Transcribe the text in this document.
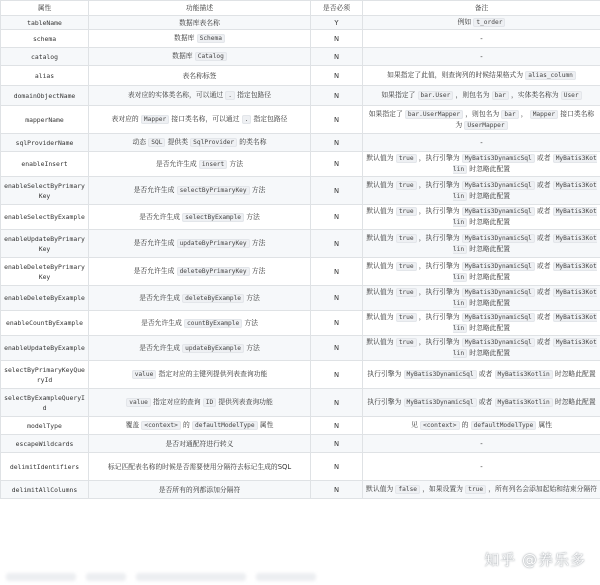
属性	功能描述	是否必须	备注
tableName	数据库表名称	Y	例如 t_order
schema	数据库 Schema	N	-
catalog	数据库 Catalog	N	-
alias	表名称标签	N	如果指定了此值，则查询列的时候结果格式为 alias_column
domainObjectName	表对应的实体类名称，可以通过 . 指定包路径	N	如果指定了 bar.User ，则包名为 bar ，实体类名称为 User
mapperName	表对应的 Mapper 接口类名称，可以通过 . 指定包路径	N	如果指定了 bar.UserMapper ，则包名为 bar ， Mapper 接口类名称为 UserMapper
sqlProviderName	动态 SQL 提供类 SqlProvider 的类名称	N	-
enableInsert	是否允许生成 insert 方法	N	默认值为 true ，执行引擎为 MyBatis3DynamicSql 或者 MyBatis3Kotlin 时忽略此配置
enableSelectByPrimaryKey	是否允许生成 selectByPrimaryKey 方法	N	默认值为 true ，执行引擎为 MyBatis3DynamicSql 或者 MyBatis3Kotlin 时忽略此配置
enableSelectByExample	是否允许生成 selectByExample 方法	N	默认值为 true ，执行引擎为 MyBatis3DynamicSql 或者 MyBatis3Kotlin 时忽略此配置
enableUpdateByPrimaryKey	是否允许生成 updateByPrimaryKey 方法	N	默认值为 true ，执行引擎为 MyBatis3DynamicSql 或者 MyBatis3Kotlin 时忽略此配置
enableDeleteByPrimaryKey	是否允许生成 deleteByPrimaryKey 方法	N	默认值为 true ，执行引擎为 MyBatis3DynamicSql 或者 MyBatis3Kotlin 时忽略此配置
enableDeleteByExample	是否允许生成 deleteByExample 方法	N	默认值为 true ，执行引擎为 MyBatis3DynamicSql 或者 MyBatis3Kotlin 时忽略此配置
enableCountByExample	是否允许生成 countByExample 方法	N	默认值为 true ，执行引擎为 MyBatis3DynamicSql 或者 MyBatis3Kotlin 时忽略此配置
enableUpdateByExample	是否允许生成 updateByExample 方法	N	默认值为 true ，执行引擎为 MyBatis3DynamicSql 或者 MyBatis3Kotlin 时忽略此配置
selectByPrimaryKeyQueryId	value 指定对应的主键列提供列表查询功能	N	执行引擎为 MyBatis3DynamicSql 或者 MyBatis3Kotlin 时忽略此配置
selectByExampleQueryId	value 指定对应的查询 ID 提供列表查询功能	N	执行引擎为 MyBatis3DynamicSql 或者 MyBatis3Kotlin 时忽略此配置
modelType	覆盖 <context> 的 defaultModelType 属性	N	见 <context> 的 defaultModelType 属性
escapeWildcards	是否对通配符进行转义	N	-
delimitIdentifiers	标记匹配表名称的时候是否需要使用分隔符去标记生成的SQL	N	-
delimitAllColumns	是否所有的列都添加分隔符	N	默认值为 false ，如果设置为 true ，所有列名会添加起始和结束分隔符
知乎 @养乐多
